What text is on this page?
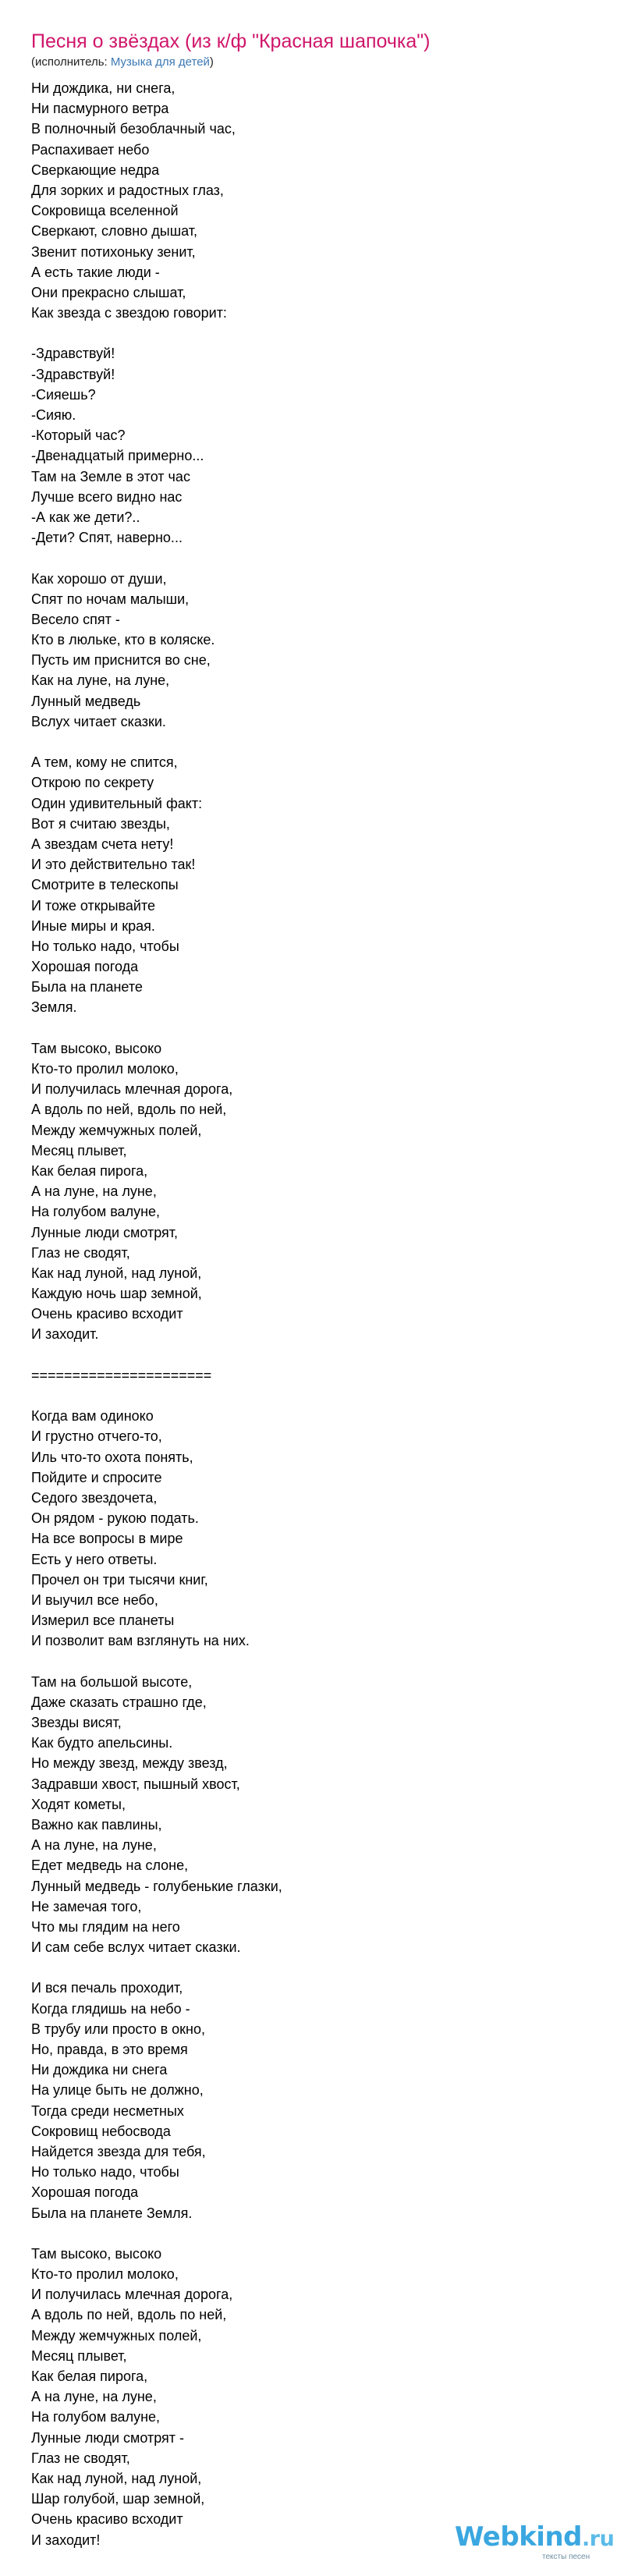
Песня о звёздах (из к/ф "Красная шапочка")
(исполнитель: Музыка для детей)
Ни дождика, ни снега,
Ни пасмурного ветра
В полночный безоблачный час,
Распахивает небо
Сверкающие недра
Для зорких и радостных глаз,
Сокровища вселенной
Сверкают, словно дышат,
Звенит потихоньку зенит,
А есть такие люди -
Они прекрасно слышат,
Как звезда с звездою говорит:
-Здравствуй!
-Здравствуй!
-Сияешь?
-Сияю.
-Который час?
-Двенадцатый примерно...
Там на Земле в этот час
Лучше всего видно нас
-А как же дети?..
-Дети? Спят, наверно...
Как хорошо от души,
Спят по ночам малыши,
Весело спят -
Кто в люльке, кто в коляске.
Пусть им приснится во сне,
Как на луне, на луне,
Лунный медведь
Вслух читает сказки.
А тем, кому не спится,
Открою по секрету
Один удивительный факт:
Вот я считаю звезды,
А звездам счета нету!
И это действительно так!
Смотрите в телескопы
И тоже открывайте
Иные миры и края.
Но только надо, чтобы
Хорошая погода
Была на планете
Земля.
Там высоко, высоко
Кто-то пролил молоко,
И получилась млечная дорога,
А вдоль по ней, вдоль по ней,
Между жемчужных полей,
Месяц плывет,
Как белая пирога,
А на луне, на луне,
На голубом валуне,
Лунные люди смотрят,
Глаз не сводят,
Как над луной, над луной,
Каждую ночь шар земной,
Очень красиво всходит
И заходит.
======================
Когда вам одиноко
И грустно отчего-то,
Иль что-то охота понять,
Пойдите и спросите
Седого звездочета,
Он рядом - рукою подать.
На все вопросы в мире
Есть у него ответы.
Прочел он три тысячи книг,
И выучил все небо,
Измерил все планеты
И позволит вам взглянуть на них.
Там на большой высоте,
Даже сказать страшно где,
Звезды висят,
Как будто апельсины.
Но между звезд, между звезд,
Задравши хвост, пышный хвост,
Ходят кометы,
Важно как павлины,
А на луне, на луне,
Едет медведь на слоне,
Лунный медведь - голубенькие глазки,
Не замечая того,
Что мы глядим на него
И сам себе вслух читает сказки.
И вся печаль проходит,
Когда глядишь на небо -
В трубу или просто в окно,
Но, правда, в это время
Ни дождика ни снега
На улице быть не должно,
Тогда среди несметных
Сокровищ небосвода
Найдется звезда для тебя,
Но только надо, чтобы
Хорошая погода
Была на планете Земля.
Там высоко, высоко
Кто-то пролил молоко,
И получилась млечная дорога,
А вдоль по ней, вдоль по ней,
Между жемчужных полей,
Месяц плывет,
Как белая пирога,
А на луне, на луне,
На голубом валуне,
Лунные люди смотрят -
Глаз не сводят,
Как над луной, над луной,
Шар голубой, шар земной,
Очень красиво всходит
И заходит!	Webkind.ru
тексты песен
